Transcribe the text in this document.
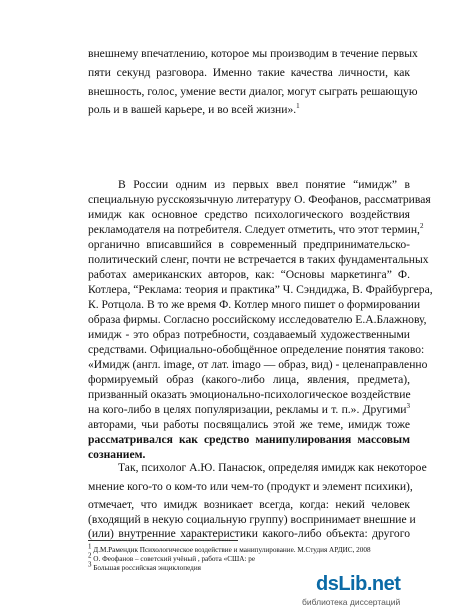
внешнему впечатлению, которое мы производим в течение первых
пяти секунд разговора. Именно такие качества личности, как
внешность, голос, умение вести диалог, могут сыграть решающую
роль и в вашей карьере, и во всей жизни».$^1$
В России одним из первых ввел понятие “имидж” в
специальную русскоязычную литературу О. Феофанов, рассматривая
имидж как основное средство психологического воздействия
рекламодателя на потребителя. Следует отметить, что этот термин,$^2$
органично вписавшийся в современный предпринимательско-
политический сленг, почти не встречается в таких фундаментальных
работах американских авторов, как: “Основы маркетинга” Ф.
Котлера, “Реклама: теория и практика” Ч. Сэндиджа, В. Фрайбургера,
К. Ротцола. В то же время Ф. Котлер много пишет о формировании
образа фирмы. Согласно российскому исследователю Е.А.Блажнову,
имидж - это образ потребности, создаваемый художественными
средствами. Официально-обобщённое определение понятия таково:
«Имидж (англ. image, от лат. imago — образ, вид) - целенаправленно
формируемый образ (какого-либо лица, явления, предмета),
призванный оказать эмоционально-психологическое воздействие
на кого-либо в целях популяризации, рекламы и т. п.». Другими$^3$
авторами, чьи работы посвящались этой же теме, имидж тоже
рассматривался как средство манипулирования массовым
сознанием.
Так, психолог А.Ю. Панасюк, определяя имидж как некоторое
мнение кого-то о ком-то или чем-то (продукт и элемент психики),
отмечает, что имидж возникает всегда, когда: некий человек
(входящий в некую социальную группу) воспринимает внешние и
(или) внутренние характеристики какого-либо объекта: другого
$^1$ Д.М.Рамендик Психологическое воздействие и манипулирование. М.Студия АРДИС, 2008
$^2$ О. Феофанов – советский учёный , работа «США: ре
$^3$ Большая российская энциклопедия
dsLib.net
библиотека диссертаций
